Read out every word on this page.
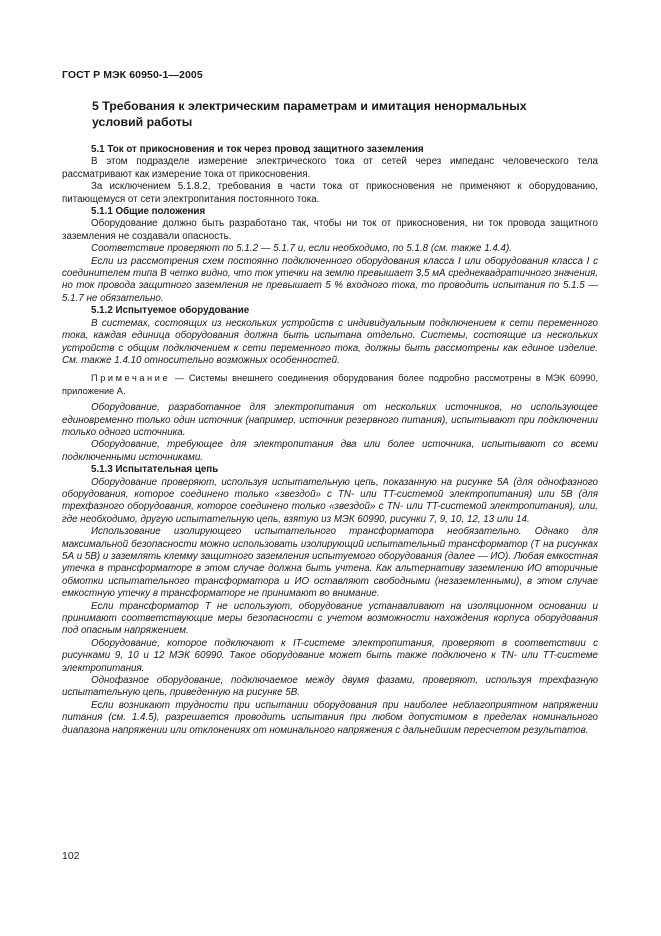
ГОСТ Р МЭК 60950-1—2005
5 Требования к электрическим параметрам и имитация ненормальных
условий работы

5.1 Ток от прикосновения и ток через провод защитного заземления

В этом подразделе измерение электрического тока от сетей через импеданс человеческого тела рассматривают как измерение тока от прикосновения.

За исключением 5.1.8.2, требования в части тока от прикосновения не применяют к оборудованию, питающемуся от сети электропитания постоянного тока.

5.1.1 Общие положения

Оборудование должно быть разработано так, чтобы ни ток от прикосновения, ни ток провода защитного заземления не создавали опасность.

Соответствие проверяют по 5.1.2 — 5.1.7 и, если необходимо, по 5.1.8 (см. также 1.4.4).

Если из рассмотрения схем постоянно подключенного оборудования класса I или оборудования класса I с соединителем типа В четко видно, что ток утечки на землю превышает 3,5 мА среднеквадратичного значения, но ток провода защитного заземления не превышает 5 % входного тока, то проводить испытания по 5.1.5 — 5.1.7 не обязательно.

5.1.2 Испытуемое оборудование

В системах, состоящих из нескольких устройств с индивидуальным подключением к сети переменного тока, каждая единица оборудования должна быть испытана отдельно. Системы, состоящие из нескольких устройств с общим подключением к сети переменного тока, должны быть рассмотрены как единое изделие. См. также 1.4.10 относительно возможных особенностей.

Примечание — Системы внешнего соединения оборудования более подробно рассмотрены в МЭК 60990, приложение А.

Оборудование, разработанное для электропитания от нескольких источников, но использующее единовременно только один источник (например, источник резервного питания), испытывают при подключении только одного источника.

Оборудование, требующее для электропитания два или более источника, испытывают со всеми подключенными источниками.

5.1.3 Испытательная цепь

Оборудование проверяют, используя испытательную цепь, показанную на рисунке 5А (для однофазного оборудования, которое соединено только «звездой» с TN- или TT-системой электропитания) или 5В (для трехфазного оборудования, которое соединено только «звездой» с TN- или TT-системой электропитания), или, где необходимо, другую испытательную цепь, взятую из МЭК 60990, рисунки 7, 9, 10, 12, 13 или 14.

Использование изолирующего испытательного трансформатора необязательно. Однако для максимальной безопасности можно использовать изолирующий испытательный трансформатор (Т на рисунках 5А и 5В) и заземлять клемму защитного заземления испытуемого оборудования (далее — ИО). Любая емкостная утечка в трансформаторе в этом случае должна быть учтена. Как альтернативу заземлению ИО вторичные обмотки испытательного трансформатора и ИО оставляют свободными (незаземленными), в этом случае емкостную утечку в трансформаторе не принимают во внимание.

Если трансформатор Т не используют, оборудование устанавливают на изоляционном основании и принимают соответствующие меры безопасности с учетом возможности нахождения корпуса оборудования под опасным напряжением.

Оборудование, которое подключают к IT-системе электропитания, проверяют в соответствии с рисунками 9, 10 и 12 МЭК 60990. Такое оборудование может быть также подключено к TN- или TT-системе электропитания.

Однофазное оборудование, подключаемое между двумя фазами, проверяют, используя трехфазную испытательную цепь, приведенную на рисунке 5В.

Если возникают трудности при испытании оборудования при наиболее неблагоприятном напряжении питания (см. 1.4.5), разрешается проводить испытания при любом допустимом в пределах номинального диапазона напряжении или отклонениях от номинального напряжения с дальнейшим пересчетом результатов.

102
